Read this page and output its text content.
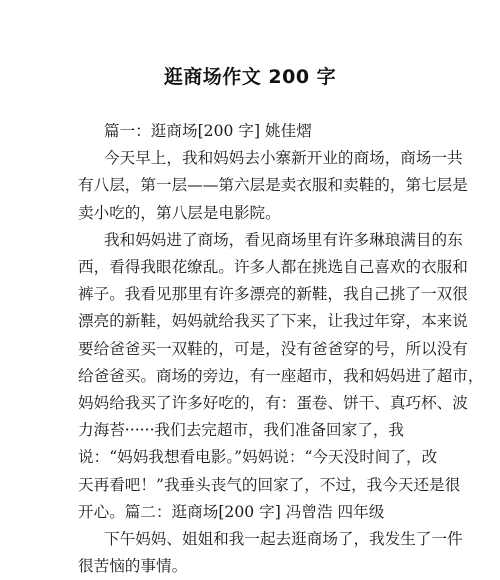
逛商场作文 200 字
篇一：逛商场[200 字] 姚佳熠
今天早上，我和妈妈去小寨新开业的商场，商场一共
有八层，第一层——第六层是卖衣服和卖鞋的，第七层是
卖小吃的，第八层是电影院。
我和妈妈进了商场，看见商场里有许多琳琅满目的东
西，看得我眼花缭乱。许多人都在挑选自己喜欢的衣服和
裤子。我看见那里有许多漂亮的新鞋，我自己挑了一双很
漂亮的新鞋，妈妈就给我买了下来，让我过年穿，本来说
要给爸爸买一双鞋的，可是，没有爸爸穿的号，所以没有
给爸爸买。商场的旁边，有一座超市，我和妈妈进了超市，
妈妈给我买了许多好吃的，有：蛋卷、饼干、真巧杯、波
力海苔······我们去完超市，我们准备回家了，我
说：“妈妈我想看电影。”妈妈说：“今天没时间了，改
天再看吧！”我垂头丧气的回家了，不过，我今天还是很
开心。篇二：逛商场[200 字] 冯曾浩 四年级
下午妈妈、姐姐和我一起去逛商场了，我发生了一件
很苦恼的事情。
